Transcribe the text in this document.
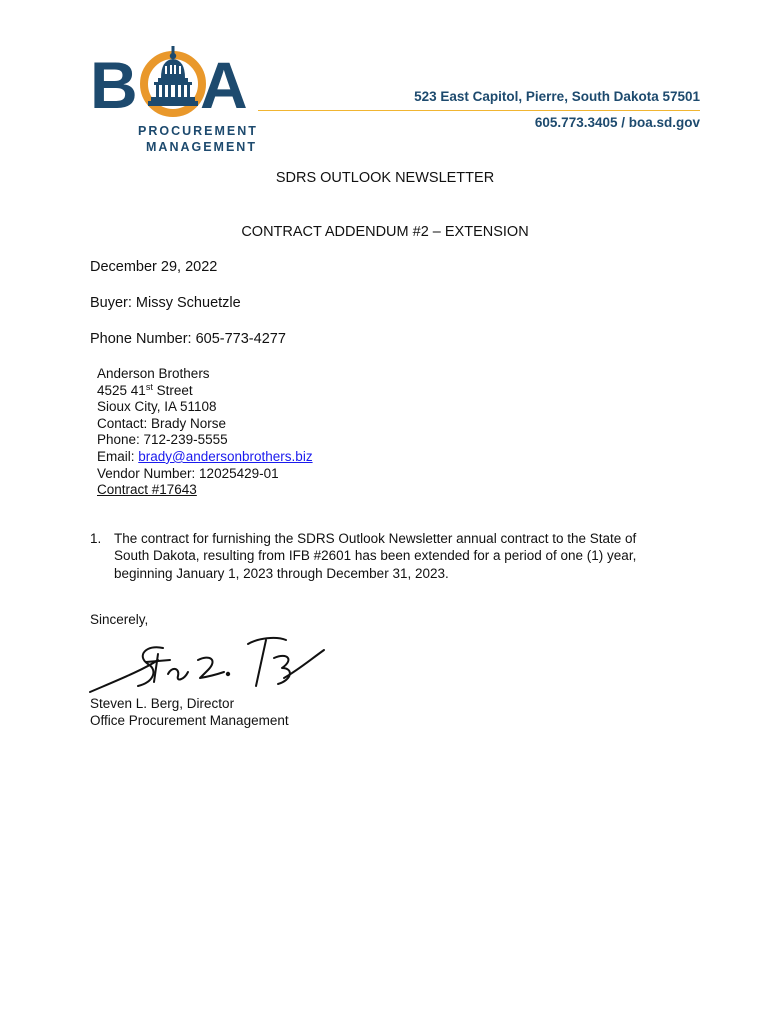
B A
PROCUREMENT
MANAGEMENT
523 East Capitol, Pierre, South Dakota 57501
605.773.3405 / boa.sd.gov
SDRS OUTLOOK NEWSLETTER
CONTRACT ADDENDUM #2 – EXTENSION
December 29, 2022
Buyer: Missy Schuetzle
Phone Number: 605-773-4277
Anderson Brothers
4525 41st Street
Sioux City, IA 51108
Contact: Brady Norse
Phone: 712-239-5555
Email: brady@andersonbrothers.biz
Vendor Number: 12025429-01
Contract #17643
1. The contract for furnishing the SDRS Outlook Newsletter annual contract to the State of South Dakota, resulting from IFB #2601 has been extended for a period of one (1) year, beginning January 1, 2023 through December 31, 2023.
Sincerely,
Steven L. Berg, Director
Office Procurement Management
